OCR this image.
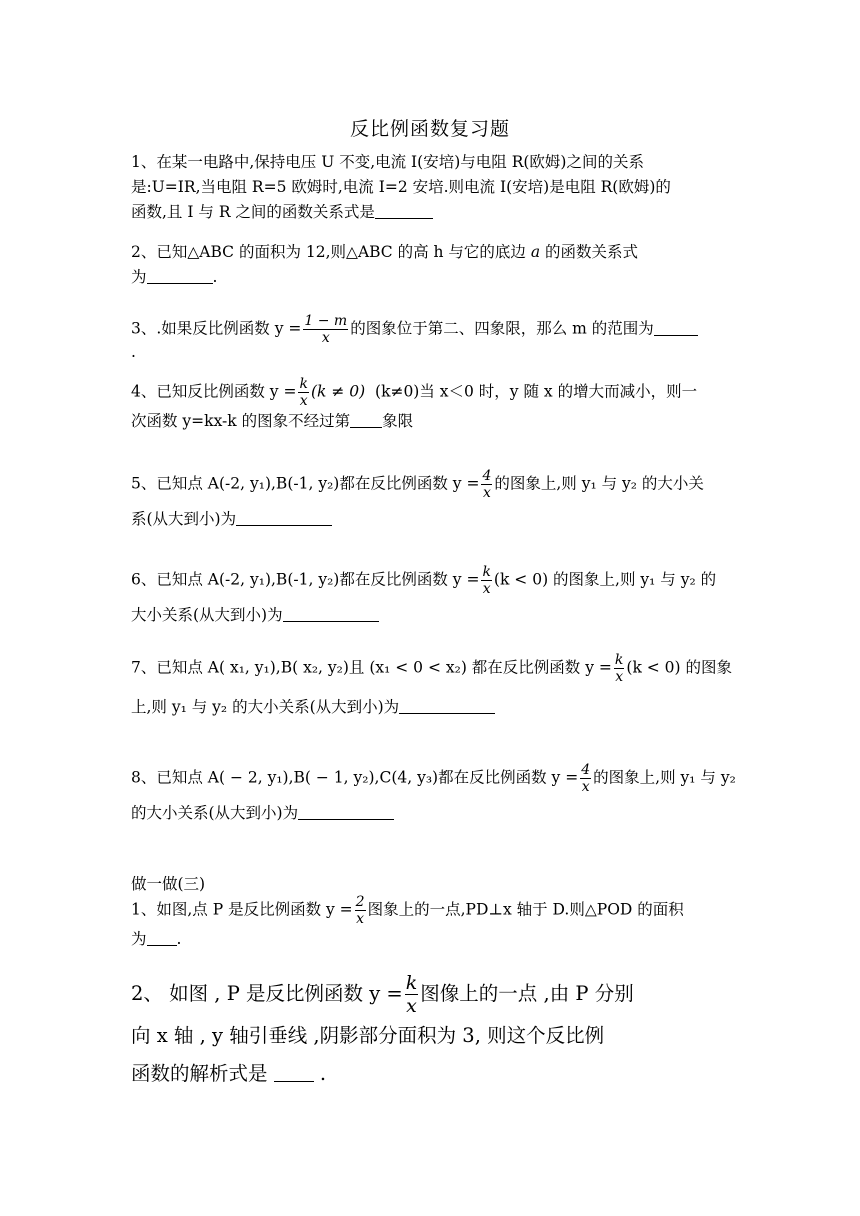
反比例函数复习题
1、在某一电路中,保持电压 U 不变,电流 I(安培)与电阻 R(欧姆)之间的关系
是:U=IR,当电阻 R=5 欧姆时,电流 I=2 安培.则电流 I(安培)是电阻 R(欧姆)的
函数,且 I 与 R 之间的函数关系式是
2、已知△ABC 的面积为 12,则△ABC 的高 h 与它的底边 a 的函数关系式
为	.
3、.如果反比例函数 $y = \frac{1 - m}{x}$ 的图象位于第二、四象限，那么 m 的范围为
.
4、已知反比例函数 $y = \frac{k}{x} (k \ne 0)$ (k≠0)当 x＜0 时，y 随 x 的增大而减小，则一
次函数 y=kx-k 的图象不经过第 象限
5、已知点 A(-2, y₁),B(-1, y₂)都在反比例函数 $y = \frac{4}{x}$ 的图象上,则 y₁ 与 y₂ 的大小关
系(从大到小)为
6、已知点 A(-2, y₁),B(-1, y₂)都在反比例函数 $y = \frac{k}{x} (k < 0)$ 的图象上,则 y₁ 与 y₂ 的
大小关系(从大到小)为
7、已知点 A( x₁, y₁),B( x₂, y₂)且 (x₁ < 0 < x₂) 都在反比例函数 $y = \frac{k}{x} (k < 0)$ 的图象
上,则 y₁ 与 y₂ 的大小关系(从大到小)为
8、已知点 A( − 2, y₁),B( − 1, y₂),C(4, y₃)都在反比例函数 $y = \frac{4}{x}$ 的图象上,则 y₁ 与 y₂
的大小关系(从大到小)为
做一做(三)
1、如图,点 P 是反比例函数 $y = \frac{2}{x}$ 图象上的一点,PD⊥x 轴于 D.则△POD 的面积
为 .
2、 如图 , P 是反比例函数 $y = \frac{k}{x}$ 图像上的一点 ,由 P 分别
向 x 轴 , y 轴引垂线 ,阴影部分面积为 3, 则这个反比例
函数的解析式是  .
